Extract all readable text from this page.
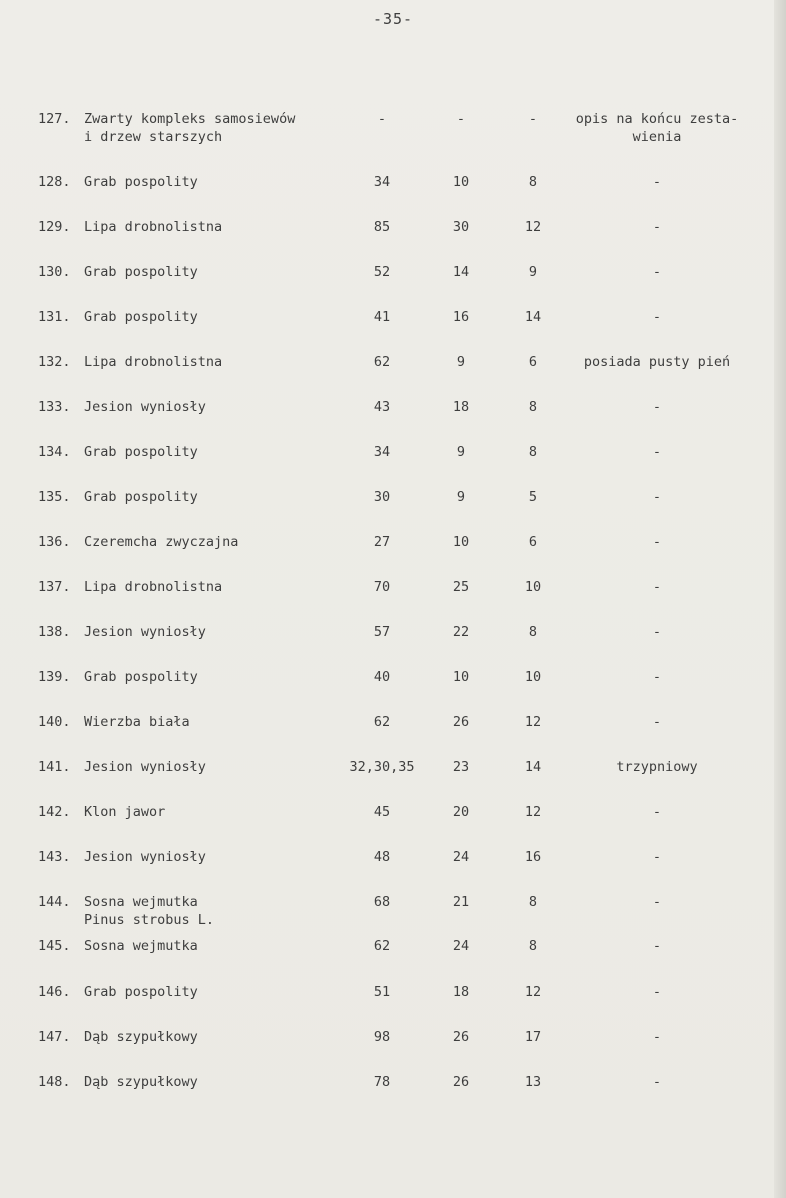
-35-
127. Zwarty kompleks samosiewów
i drzew starszych
-	-	-	opis na końcu zesta-
wienia
128. Grab pospolity	34	10	8	-
129. Lipa drobnolistna	85	30	12	-
130. Grab pospolity	52	14	9	-
131. Grab pospolity	41	16	14	-
132. Lipa drobnolistna	62	9	6	posiada pusty pień
133. Jesion wyniosły	43	18	8	-
134. Grab pospolity	34	9	8	-
135. Grab pospolity	30	9	5	-
136. Czeremcha zwyczajna	27	10	6	-
137. Lipa drobnolistna	70	25	10	-
138. Jesion wyniosły	57	22	8	-
139. Grab pospolity	40	10	10	-
140. Wierzba biała	62	26	12	-
141. Jesion wyniosły	32,30,35	23	14	trzypniowy
142. Klon jawor	45	20	12	-
143. Jesion wyniosły	48	24	16	-
144. Sosna wejmutka
Pinus strobus L.
68	21	8	-
145. Sosna wejmutka	62	24	8	-
146. Grab pospolity	51	18	12	-
147. Dąb szypułkowy	98	26	17	-
148. Dąb szypułkowy	78	26	13	-
